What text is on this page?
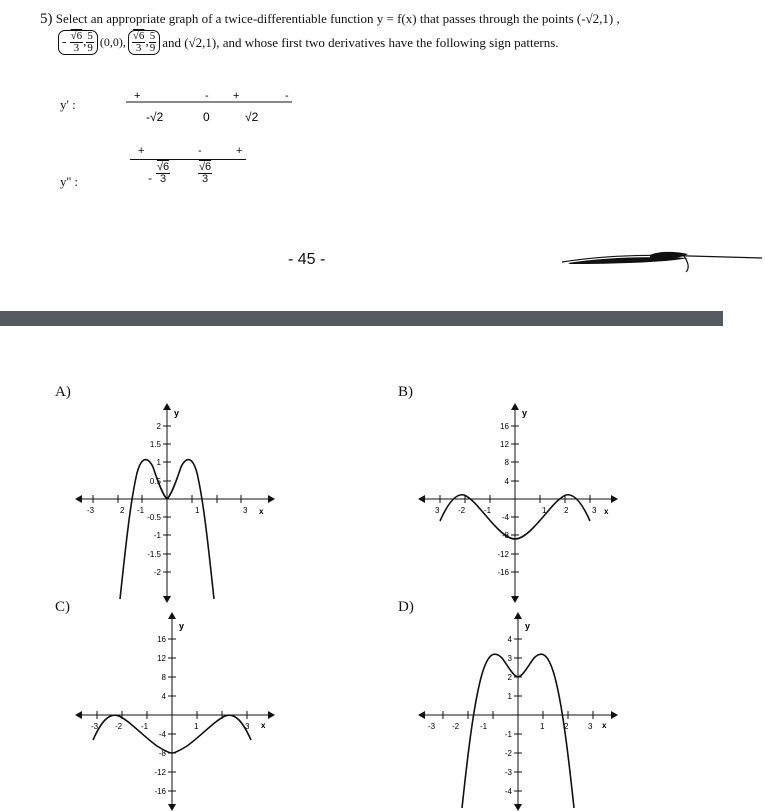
5) Select an appropriate graph of a twice-differentiable function y = f(x) that passes through the points (-√2,1) ,
- $\frac{√6}{3}$ , $\frac{5}{9} (0,0)$, $\frac{√6}{3}$ , $\frac{5}{9}$ and (√2,1), and whose first two derivatives have the following sign patterns.
y' :
+	- +	-
-√2	0	√2
y'' :
+	-	+
- $\frac{√6}{3}$	$\frac{√6}{3}$
- 45 -
A)
y
x
-3	2 -1	1	3
2
1.5
1
0.5
-0.5
-1
-1.5
-2
B)
y
x
3 -2 -1	1 2	3
16
12
8
4
-4
-8
-12
-16
C)
y
x
-3 -2 -1	1	3
16
12
8
4
-4
-8
-12
-16
D)
y
x
-3 -2	-1	1 2 3
4
3
2
1
-1
-2
-3
-4
